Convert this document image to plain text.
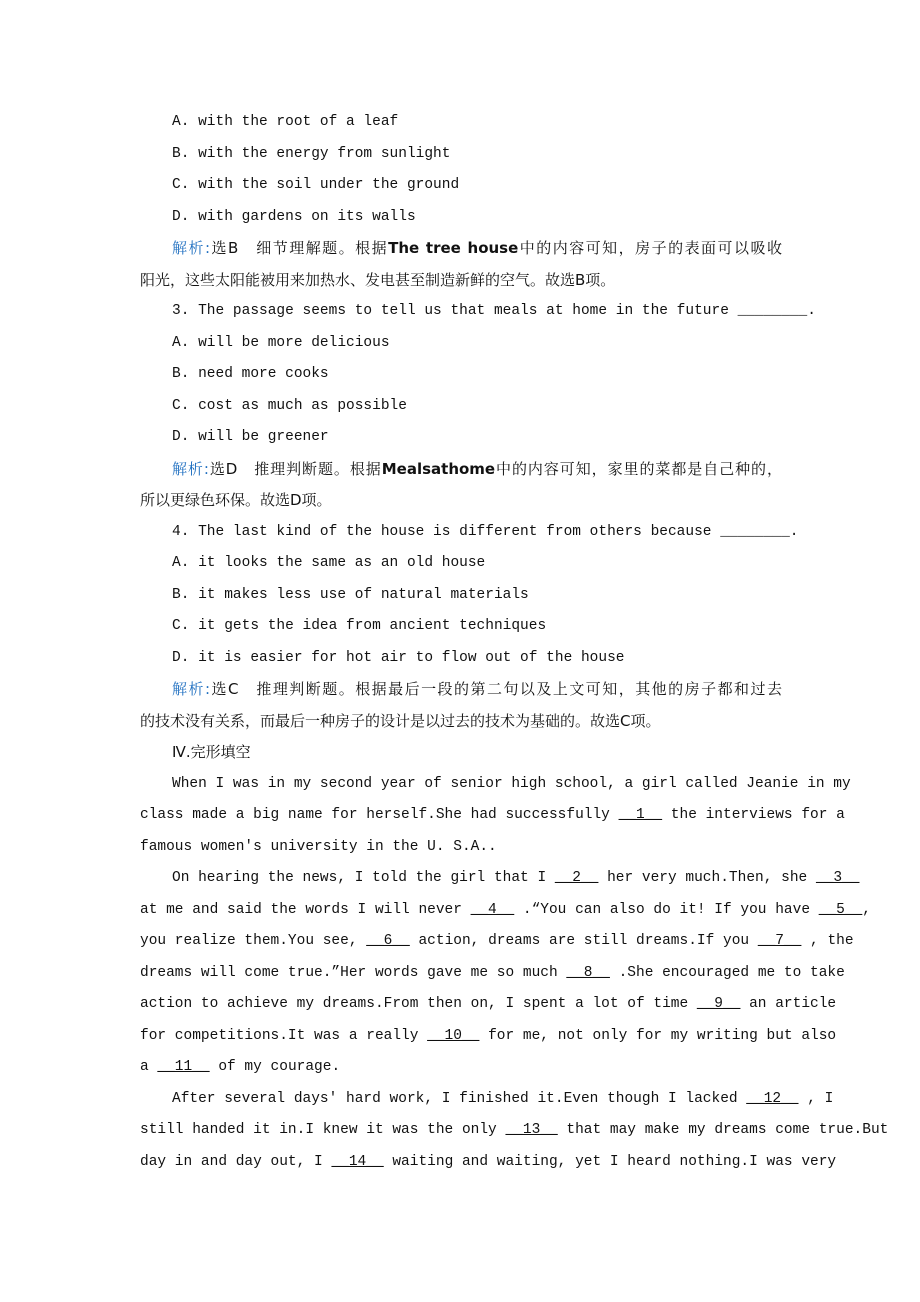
A. with the root of a leaf
B. with the energy from sunlight
C. with the soil under the ground
D. with gardens on its walls
解析:选B　细节理解题。根据The tree house中的内容可知，房子的表面可以吸收
阳光，这些太阳能被用来加热水、发电甚至制造新鲜的空气。故选B项。
3. The passage seems to tell us that meals at home in the future ________.
A. will be more delicious
B. need more cooks
C. cost as much as possible
D. will be greener
解析:选D　推理判断题。根据Mealsathome中的内容可知，家里的菜都是自己种的，
所以更绿色环保。故选D项。
4. The last kind of the house is different from others because ________.
A. it looks the same as an old house
B. it makes less use of natural materials
C. it gets the idea from ancient techniques
D. it is easier for hot air to flow out of the house
解析:选C　推理判断题。根据最后一段的第二句以及上文可知，其他的房子都和过去
的技术没有关系，而最后一种房子的设计是以过去的技术为基础的。故选C项。
Ⅳ.完形填空
When I was in my second year of senior high school, a girl called Jeanie in my
class made a big name for herself.She had successfully __1__ the interviews for a
famous women's university in the U. S.A..
On hearing the news, I told the girl that I __2__ her very much.Then, she __3__
at me and said the words I will never __4__ .“You can also do it! If you have __5__,
you realize them.You see, __6__ action, dreams are still dreams.If you __7__ , the
dreams will come true.”Her words gave me so much __8__ .She encouraged me to take
action to achieve my dreams.From then on, I spent a lot of time __9__ an article
for competitions.It was a really __10__ for me, not only for my writing but also
a __11__ of my courage.
After several days' hard work, I finished it.Even though I lacked __12__ , I
still handed it in.I knew it was the only __13__ that may make my dreams come true.But
day in and day out, I __14__ waiting and waiting, yet I heard nothing.I was very
